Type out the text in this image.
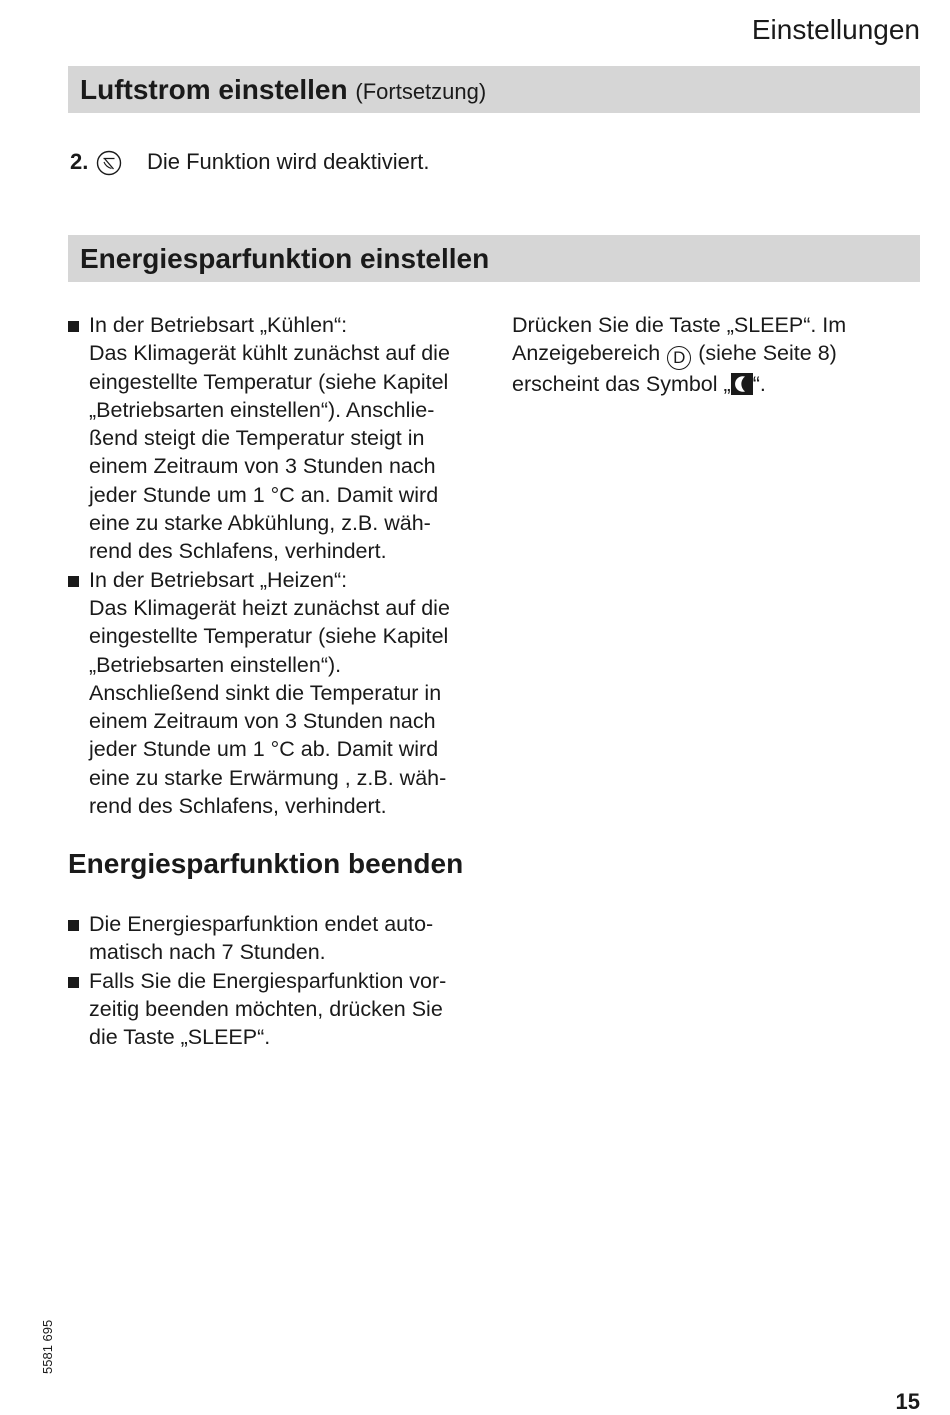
Einstellungen
Luftstrom einstellen (Fortsetzung)
2.	Die Funktion wird deaktiviert.
Energiesparfunktion einstellen
In der Betriebsart „Kühlen“:
Das Klimagerät kühlt zunächst auf die
eingestellte Temperatur (siehe Kapitel
„Betriebsarten einstellen“). Anschlie-
ßend steigt die Temperatur steigt in
einem Zeitraum von 3 Stunden nach
jeder Stunde um 1 °C an. Damit wird
eine zu starke Abkühlung, z.B. wäh-
rend des Schlafens, verhindert.
In der Betriebsart „Heizen“:
Das Klimagerät heizt zunächst auf die
eingestellte Temperatur (siehe Kapitel
„Betriebsarten einstellen“).
Anschließend sinkt die Temperatur in
einem Zeitraum von 3 Stunden nach
jeder Stunde um 1 °C ab. Damit wird
eine zu starke Erwärmung , z.B. wäh-
rend des Schlafens, verhindert.
Drücken Sie die Taste „SLEEP“. Im
Anzeigebereich D (siehe Seite 8)
erscheint das Symbol „ “.
Energiesparfunktion beenden
Die Energiesparfunktion endet auto-
matisch nach 7 Stunden.
Falls Sie die Energiesparfunktion vor-
zeitig beenden möchten, drücken Sie
die Taste „SLEEP“.
5581 695
15
